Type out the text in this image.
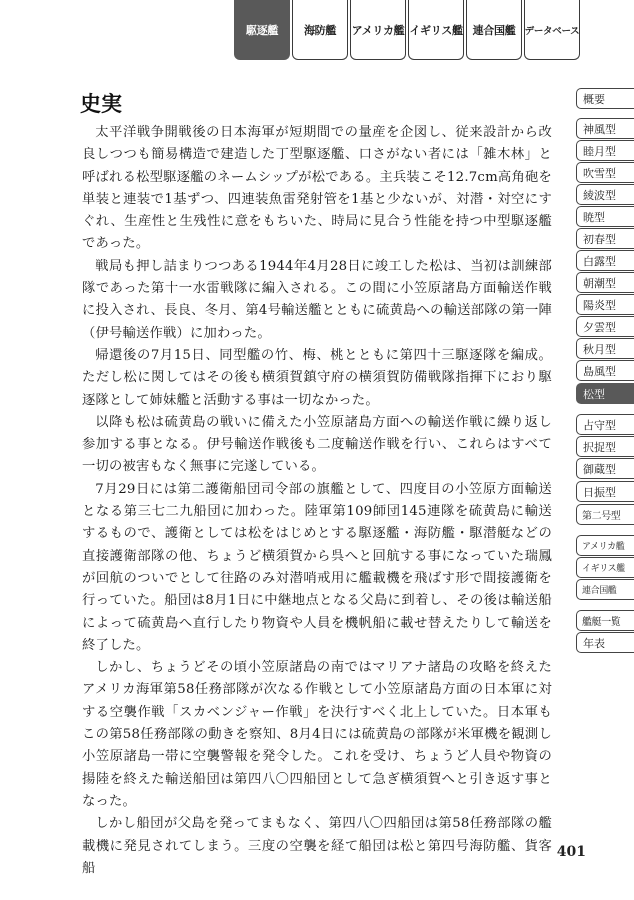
駆逐艦	海防艦	アメリカ艦 イギリス艦 連合国艦 データベース
史実

太平洋戦争開戦後の日本海軍が短期間での量産を企図し、従来設計から改良しつつも簡易構造で建造した丁型駆逐艦、口さがない者には「雑木林」と呼ばれる松型駆逐艦のネームシップが松である。主兵装こそ12.7cm高角砲を単装と連装で1基ずつ、四連装魚雷発射管を1基と少ないが、対潜・対空にすぐれ、生産性と生残性に意をもちいた、時局に見合う性能を持つ中型駆逐艦であった。

戦局も押し詰まりつつある1944年4月28日に竣工した松は、当初は訓練部隊であった第十一水雷戦隊に編入される。この間に小笠原諸島方面輸送作戦に投入され、長良、冬月、第4号輸送艦とともに硫黄島への輸送部隊の第一陣（伊号輸送作戦）に加わった。

帰還後の7月15日、同型艦の竹、梅、桃とともに第四十三駆逐隊を編成。ただし松に関してはその後も横須賀鎮守府の横須賀防備戦隊指揮下におり駆逐隊として姉妹艦と活動する事は一切なかった。

以降も松は硫黄島の戦いに備えた小笠原諸島方面への輸送作戦に繰り返し参加する事となる。伊号輸送作戦後も二度輸送作戦を行い、これらはすべて一切の被害もなく無事に完遂している。

7月29日には第二護衛船団司令部の旗艦として、四度目の小笠原方面輸送となる第三七二九船団に加わった。陸軍第109師団145連隊を硫黄島に輸送するもので、護衛としては松をはじめとする駆逐艦・海防艦・駆潜艇などの直接護衛部隊の他、ちょうど横須賀から呉へと回航する事になっていた瑞鳳が回航のついでとして往路のみ対潜哨戒用に艦載機を飛ばす形で間接護衛を行っていた。船団は8月1日に中継地点となる父島に到着し、その後は輸送船によって硫黄島へ直行したり物資や人員を機帆船に載せ替えたりして輸送を終了した。

しかし、ちょうどその頃小笠原諸島の南ではマリアナ諸島の攻略を終えたアメリカ海軍第58任務部隊が次なる作戦として小笠原諸島方面の日本軍に対する空襲作戦「スカベンジャー作戦」を決行すべく北上していた。日本軍もこの第58任務部隊の動きを察知、8月4日には硫黄島の部隊が米軍機を観測し小笠原諸島一帯に空襲警報を発令した。これを受け、ちょうど人員や物資の揚陸を終えた輸送船団は第四八〇四船団として急ぎ横須賀へと引き返す事となった。

しかし船団が父島を発ってまもなく、第四八〇四船団は第58任務部隊の艦載機に発見されてしまう。三度の空襲を経て船団は松と第四号海防艦、貨客船

概要
神風型
睦月型
吹雪型
綾波型
暁型
初春型
白露型
朝潮型
陽炎型
夕雲型
秋月型
島風型
松型
占守型
択捉型
御蔵型
日振型
第二号型
アメリカ艦
イギリス艦
連合国艦
艦艇一覧
年表
401
